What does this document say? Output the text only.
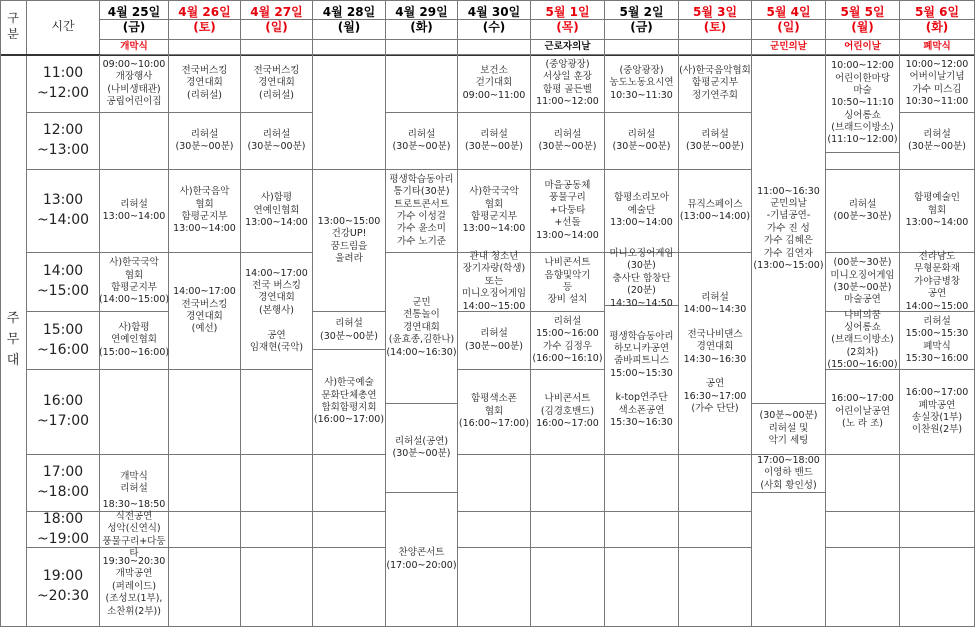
구
분
시간
주
무
대
4월 25일
(금)
개막식
4월 26일
(토)
4월 27일
(일)
4월 28일
(월)
4월 29일
(화)
4월 30일
(수)
5월 1일
(목)
근로자의날
5월 2일
(금)
5월 3일
(토)
5월 4일
(일)
군민의날
5월 5일
(월)
어린이날
5월 6일
(화)
폐막식
11:00
~12:00
12:00
~13:00
13:00
~14:00
14:00
~15:00
15:00
~16:00
16:00
~17:00
17:00
~18:00
18:00
~19:00
19:00
~20:30
09:00~10:00
개장행사
(나비생태관)
공립어린이집
리허설
13:00~14:00
사)한국국악
협회
함평군지부
(14:00~15:00)
사)함평
연예인협회
(15:00~16:00)
개막식
리허설
18:30~18:50
식전공연
성악(신연식)
풍물구리+다둥타
19:30~20:30
개막공연
(퍼레이드)
(조성모(1부),
소찬휘(2부))
전국버스킹
경연대회
(리허설)
리허설
(30분~00분)
사)한국음악
협회
함평군지부
13:00~14:00
14:00~17:00
전국버스킹
경연대회
(예선)
전국버스킹
경연대회
(리허설)
리허설
(30분~00분)
사)함평
연예인협회
13:00~14:00
14:00~17:00
전국 버스킹
경연대회
(본행사)

공연
임재현(국악)
13:00~15:00
건강UP!
꿈드림을
울려라
리허설
(30분~00분)
사)한국예술
문화단체총연
합회함평지회
(16:00~17:00)
리허설
(30분~00분)
평생학습동아리
통기타(30분)
트로트콘서트
가수 이성걸
가수 윤소미
가수 노기준
군민
전통놀이
경연대회
(윤효종,김한나)
(14:00~16:30)
리허설(공연)
(30분~00분)
찬양콘서트
(17:00~20:00)
보건소
걷기대회
09:00~11:00
리허설
(30분~00분)
사)한국국악
협회
함평군지부
13:00~14:00
관내 청소년
장기자랑(학생)
또는
미니오징어게임
14:00~15:00
리허설
(30분~00분)
함평색소폰
협회
(16:00~17:00)
(중앙광장)
서상일 훈장
함평 골든벨
11:00~12:00
리허설
(30분~00분)
마을공동체
풍물구리
+다둥타
+선돌
13:00~14:00
나비콘서트
음향및악기
등
장비 설치
리허설
15:00~16:00
가수 김정우
(16:00~16:10)
나비콘서트
(김경호밴드)
16:00~17:00
(중앙광장)
농도노동요시연
10:30~11:30
리허설
(30분~00분)
함평소리모아
예술단
13:00~14:00
미니오징어게임
(30분)
충사단 합창단
(20분)
14:30~14:50
평생학습동아리
하모니카공연
줌바피트니스
15:00~15:30

k-top연주단
색소폰공연
15:30~16:30
(사)한국음악협회
함평군지부
정기연주회
리허설
(30분~00분)
뮤직스페이스
(13:00~14:00)
리허설
14:00~14:30

전국나비댄스
경연대회
14:30~16:30

공연
16:30~17:00
(가수 단단)
11:00~16:30
군민의날
-기념공연-
가수 진 성
가수 김혜은
가수 김연자
(13:00~15:00)
(30분~00분)
리허설 및
악기 세팅
17:00~18:00
이영하 밴드
(사회 황인성)
10:00~12:00
어린이한마당
마술
10:50~11:10
싱어롱쇼
(브래드이방소)
(11:10~12:00)
리허설
(00분~30분)
(00분~30분)
미니오징어게임
(30분~00분)
마술공연
나비의꿈
싱어롱쇼
(브래드이방소)
(2회차)
(15:00~16:00)
16:00~17:00
어린이날공연
(노 라 조)
10:00~12:00
어버이날기념
가수 미스김
10:30~11:00
리허설
(30분~00분)
함평예술인
협회
13:00~14:00
전라남도
무형문화재
가야금병창
공연
14:00~15:00
리허설
15:00~15:30
폐막식
15:30~16:00
16:00~17:00
폐막공연
송실장(1부)
이찬원(2부)
